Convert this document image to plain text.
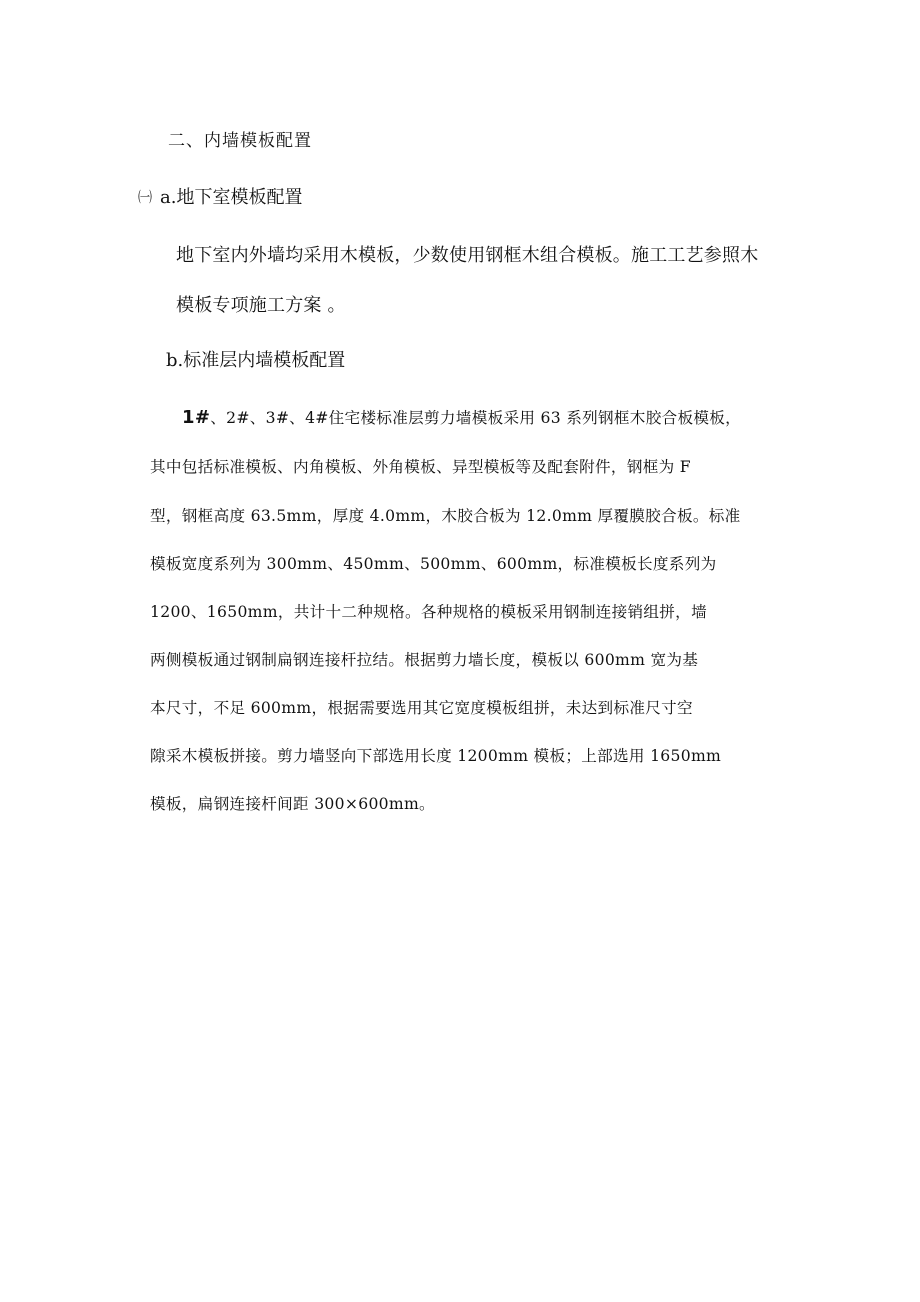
二、内墙模板配置
㈠ a.地下室模板配置
地下室内外墙均采用木模板，少数使用钢框木组合模板。施工工艺参照木
模板专项施工方案 。
b.标准层内墙模板配置
1#、2#、3#、4#住宅楼标准层剪力墙模板采用 63 系列钢框木胶合板模板，
其中包括标准模板、内角模板、外角模板、异型模板等及配套附件，钢框为 F
型，钢框高度 63.5mm，厚度 4.0mm，木胶合板为 12.0mm 厚覆膜胶合板。标准
模板宽度系列为 300mm、450mm、500mm、600mm，标准模板长度系列为
1200、1650mm，共计十二种规格。各种规格的模板采用钢制连接销组拼，墙
两侧模板通过钢制扁钢连接杆拉结。根据剪力墙长度，模板以 600mm 宽为基
本尺寸，不足 600mm，根据需要选用其它宽度模板组拼，未达到标准尺寸空
隙采木模板拼接。剪力墙竖向下部选用长度 1200mm 模板；上部选用 1650mm
模板，扁钢连接杆间距 300×600mm。
